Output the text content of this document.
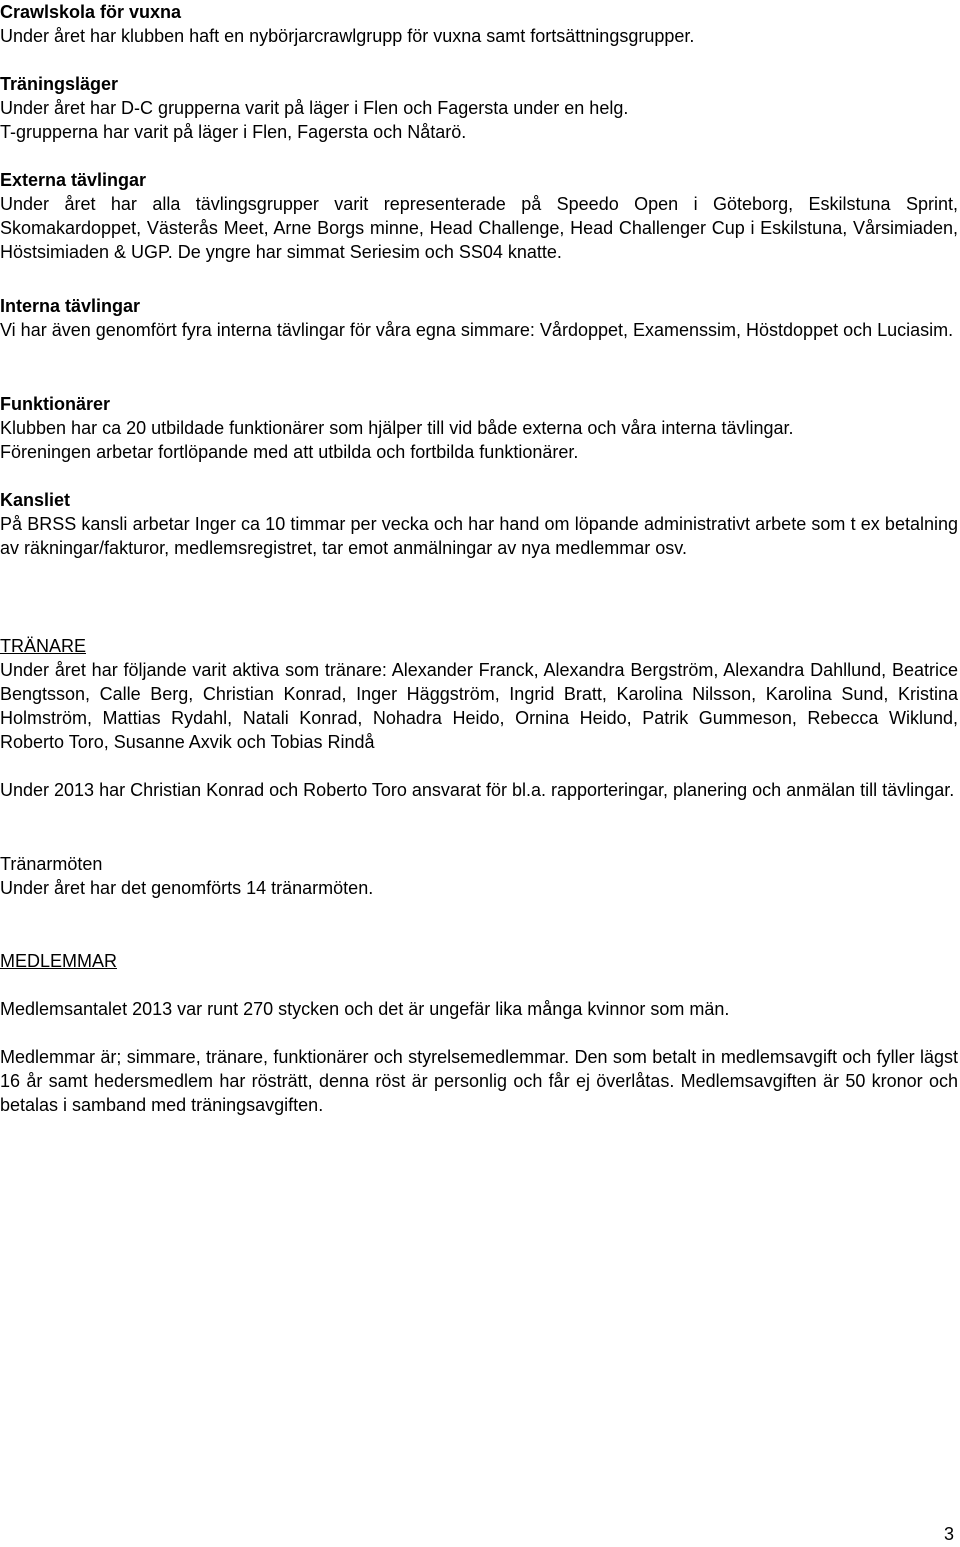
Crawlskola för vuxna
Under året har klubben haft en nybörjarcrawlgrupp för vuxna samt fortsättningsgrupper.
Träningsläger
Under året har D-C grupperna varit på läger i Flen och Fagersta under en helg.
T-grupperna har varit på läger i Flen, Fagersta och Nåtarö.
Externa tävlingar
Under året har alla tävlingsgrupper varit representerade på Speedo Open i Göteborg, Eskilstuna Sprint, Skomakardoppet, Västerås Meet, Arne Borgs minne, Head Challenge, Head Challenger Cup i Eskilstuna, Vårsimiaden, Höstsimiaden & UGP. De yngre har simmat Seriesim och SS04 knatte.
Interna tävlingar
Vi har även genomfört fyra interna tävlingar för våra egna simmare: Vårdoppet, Examenssim, Höstdoppet och Luciasim.
Funktionärer
Klubben har ca 20 utbildade funktionärer som hjälper till vid både externa och våra interna tävlingar.
Föreningen arbetar fortlöpande med att utbilda och fortbilda funktionärer.
Kansliet
På BRSS kansli arbetar Inger ca 10 timmar per vecka och har hand om löpande administrativt arbete som t ex betalning av räkningar/fakturor, medlemsregistret, tar emot anmälningar av nya medlemmar osv.
TRÄNARE
Under året har följande varit aktiva som tränare: Alexander Franck, Alexandra Bergström, Alexandra Dahllund, Beatrice Bengtsson, Calle Berg, Christian Konrad, Inger Häggström, Ingrid Bratt, Karolina Nilsson, Karolina Sund, Kristina Holmström, Mattias Rydahl, Natali Konrad, Nohadra Heido, Ornina Heido, Patrik Gummeson, Rebecca Wiklund, Roberto Toro, Susanne Axvik och Tobias Rindå
Under 2013 har Christian Konrad och Roberto Toro ansvarat för bl.a. rapporteringar, planering och anmälan till tävlingar.
Tränarmöten
Under året har det genomförts 14 tränarmöten.
MEDLEMMAR
Medlemsantalet 2013 var runt 270 stycken och det är ungefär lika många kvinnor som män.
Medlemmar är; simmare, tränare, funktionärer och styrelsemedlemmar. Den som betalt in medlemsavgift och fyller lägst 16 år samt hedersmedlem har rösträtt, denna röst är personlig och får ej överlåtas. Medlemsavgiften är 50 kronor och betalas i samband med träningsavgiften.
3
